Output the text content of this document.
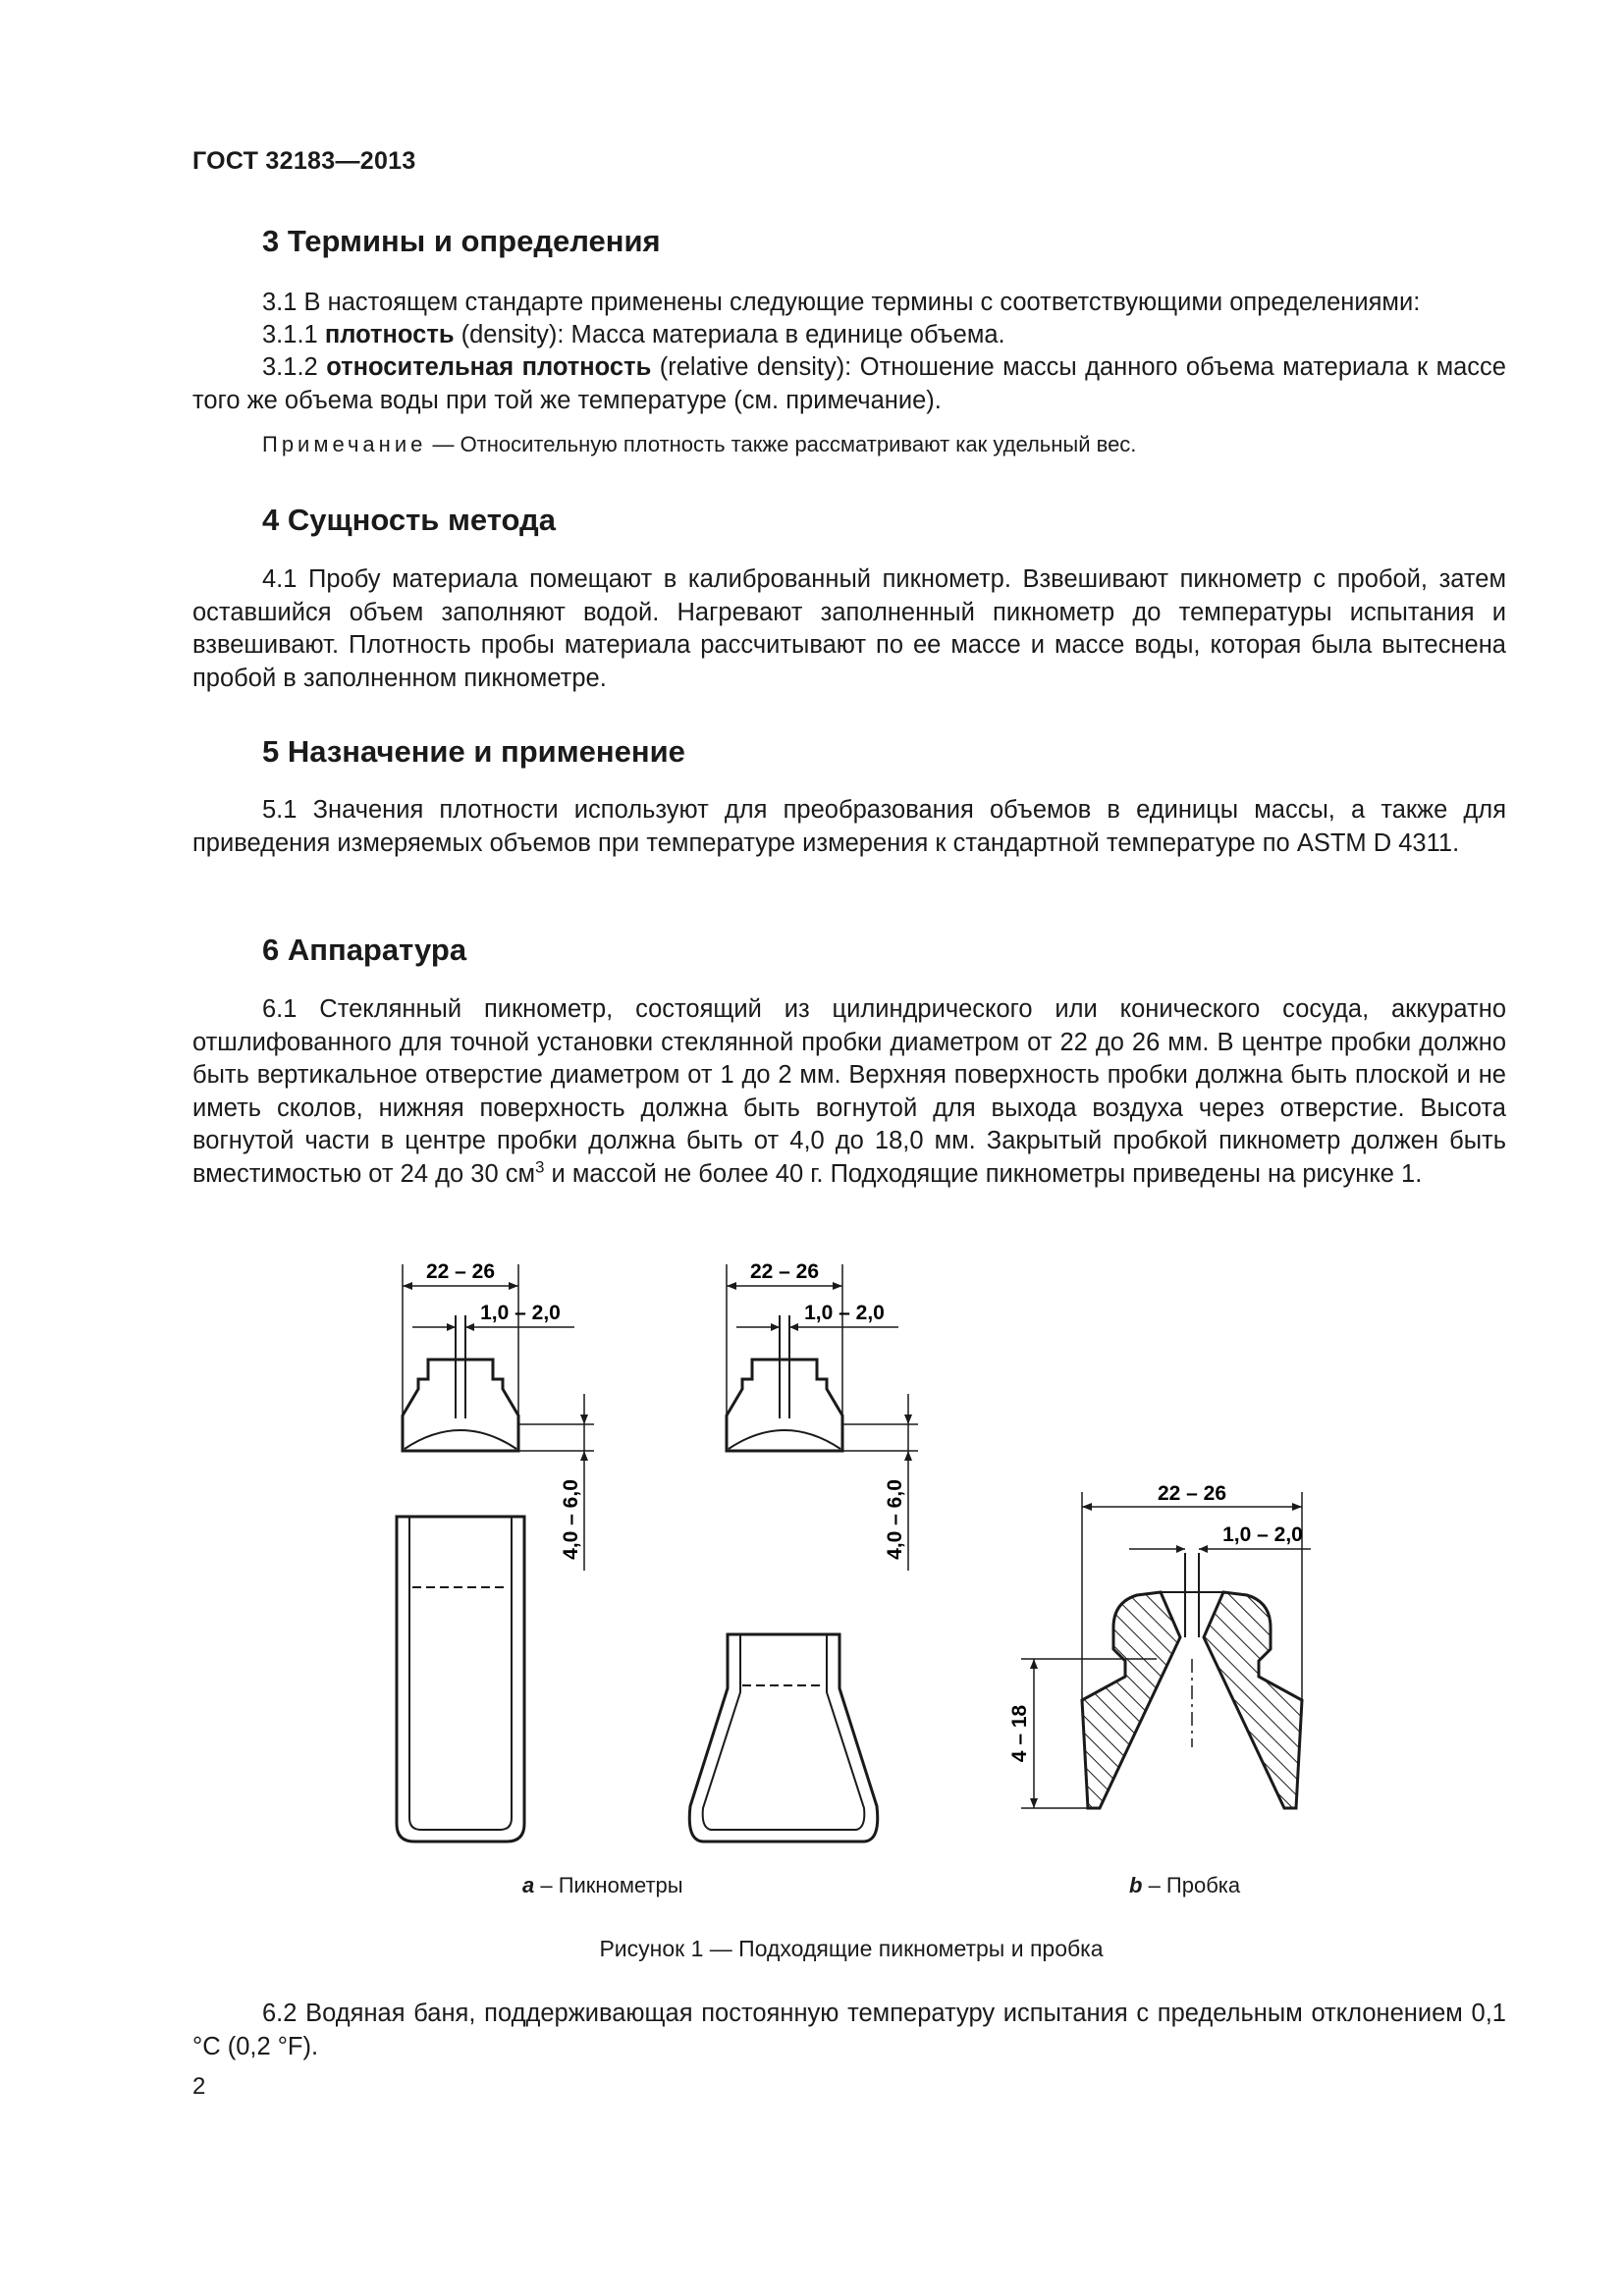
ГОСТ 32183—2013
3 Термины и определения

3.1 В настоящем стандарте применены следующие термины с соответствующими определениями:

3.1.1 плотность (density): Масса материала в единице объема.

3.1.2 относительная плотность (relative density): Отношение массы данного объема материала к массе того же объема воды при той же температуре (см. примечание).

Примечание — Относительную плотность также рассматривают как удельный вес.
4 Сущность метода

4.1 Пробу материала помещают в калиброванный пикнометр. Взвешивают пикнометр с пробой, затем оставшийся объем заполняют водой. Нагревают заполненный пикнометр до температуры испытания и взвешивают. Плотность пробы материала рассчитывают по ее массе и массе воды, которая была вытеснена пробой в заполненном пикнометре.

5 Назначение и применение

5.1 Значения плотности используют для преобразования объемов в единицы массы, а также для приведения измеряемых объемов при температуре измерения к стандартной температуре по ASTM D 4311.

6 Аппаратура

6.1 Стеклянный пикнометр, состоящий из цилиндрического или конического сосуда, аккуратно отшлифованного для точной установки стеклянной пробки диаметром от 22 до 26 мм. В центре пробки должно быть вертикальное отверстие диаметром от 1 до 2 мм. Верхняя поверхность пробки должна быть плоской и не иметь сколов, нижняя поверхность должна быть вогнутой для выхода воздуха через отверстие. Высота вогнутой части в центре пробки должна быть от 4,0 до 18,0 мм. Закрытый пробкой пикнометр должен быть вместимостью от 24 до 30 $см^3$ и массой не более 40 г. Подходящие пикнометры приведены на рисунке 1.

22 – 26
1,0 – 2,0
4,0 – 6,0
22 – 26
1,0 – 2,0
4,0 – 6,0	22 – 26
1,0 – 2,0
4 – 18
a – Пикнометры	b – Пробка
Рисунок 1 — Подходящие пикнометры и пробка

6.2 Водяная баня, поддерживающая постоянную температуру испытания с предельным отклонением 0,1 °С (0,2 °F).

2
